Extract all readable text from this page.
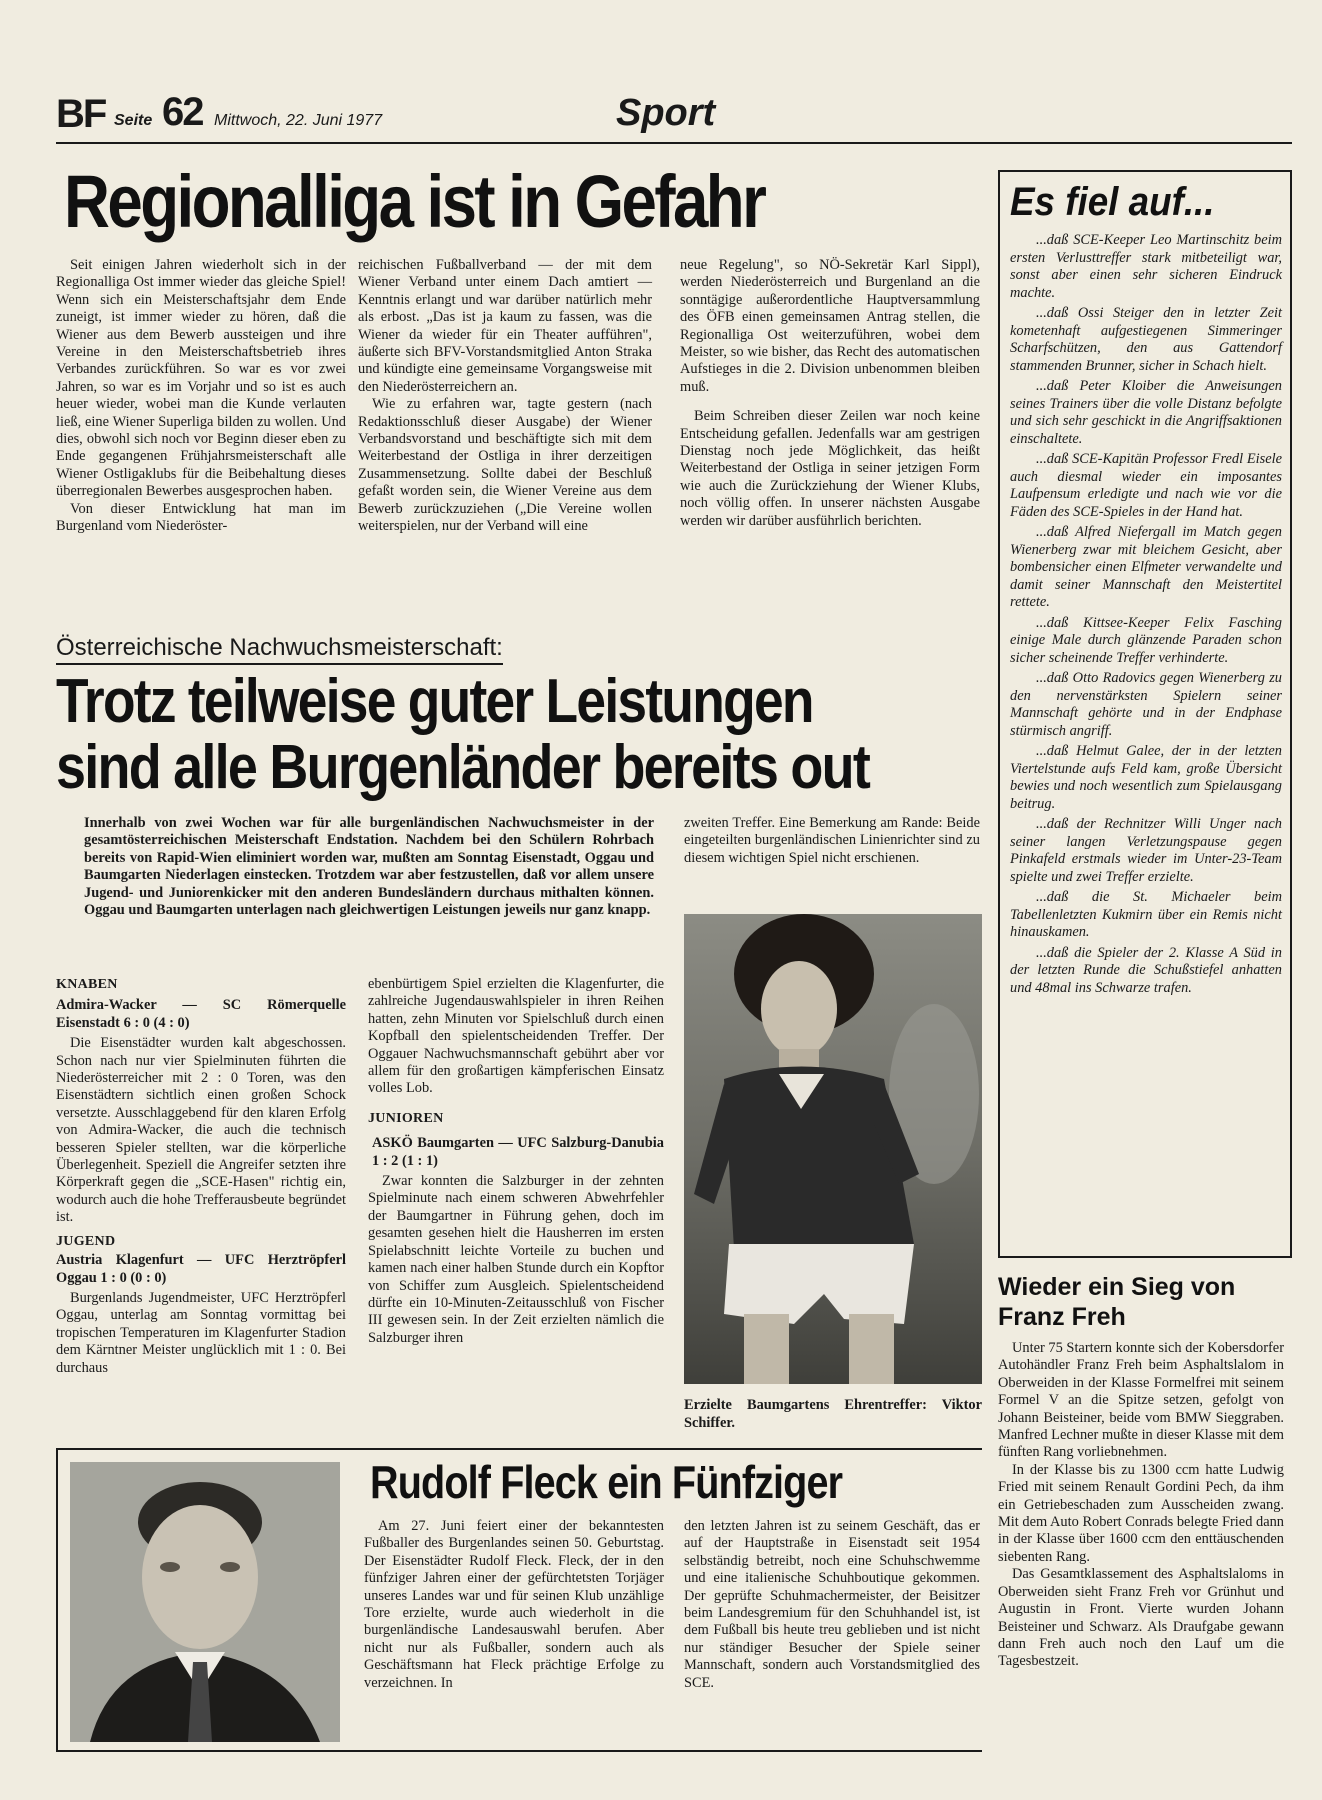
BF Seite 62 Mittwoch, 22. Juni 1977	Sport
Regionalliga ist in Gefahr

Seit einigen Jahren wiederholt sich in der Regionalliga Ost immer wieder das gleiche Spiel! Wenn sich ein Meisterschaftsjahr dem Ende zuneigt, ist immer wieder zu hören, daß die Wiener aus dem Bewerb aussteigen und ihre Vereine in den Meisterschaftsbetrieb ihres Verbandes zurückführen. So war es vor zwei Jahren, so war es im Vorjahr und so ist es auch heuer wieder, wobei man die Kunde verlauten ließ, eine Wiener Superliga bilden zu wollen. Und dies, obwohl sich noch vor Beginn dieser eben zu Ende gegangenen Frühjahrsmeisterschaft alle Wiener Ostligaklubs für die Beibehaltung dieses überregionalen Bewerbes ausgesprochen haben.

Von dieser Entwicklung hat man im Burgenland vom Niederöster-

reichischen Fußballverband — der mit dem Wiener Verband unter einem Dach amtiert — Kenntnis erlangt und war darüber natürlich mehr als erbost. „Das ist ja kaum zu fassen, was die Wiener da wieder für ein Theater aufführen", äußerte sich BFV-Vorstandsmitglied Anton Straka und kündigte eine gemeinsame Vorgangsweise mit den Niederösterreichern an.

Wie zu erfahren war, tagte gestern (nach Redaktionsschluß dieser Ausgabe) der Wiener Verbandsvorstand und beschäftigte sich mit dem Weiterbestand der Ostliga in ihrer derzeitigen Zusammensetzung. Sollte dabei der Beschluß gefaßt worden sein, die Wiener Vereine aus dem Bewerb zurückzuziehen („Die Vereine wollen weiterspielen, nur der Verband will eine

neue Regelung", so NÖ-Sekretär Karl Sippl), werden Niederösterreich und Burgenland an die sonntägige außerordentliche Hauptversammlung des ÖFB einen gemeinsamen Antrag stellen, die Regionalliga Ost weiterzuführen, wobei dem Meister, so wie bisher, das Recht des automatischen Aufstieges in die 2. Division unbenommen bleiben muß.

Beim Schreiben dieser Zeilen war noch keine Entscheidung gefallen. Jedenfalls war am gestrigen Dienstag noch jede Möglichkeit, das heißt Weiterbestand der Ostliga in seiner jetzigen Form wie auch die Zurückziehung der Wiener Klubs, noch völlig offen. In unserer nächsten Ausgabe werden wir darüber ausführlich berichten.

Es fiel auf...

...daß SCE-Keeper Leo Martinschitz beim ersten Verlusttreffer stark mitbeteiligt war, sonst aber einen sehr sicheren Eindruck machte.

...daß Ossi Steiger den in letzter Zeit kometenhaft aufgestiegenen Simmeringer Scharfschützen, den aus Gattendorf stammenden Brunner, sicher in Schach hielt.

...daß Peter Kloiber die Anweisungen seines Trainers über die volle Distanz befolgte und sich sehr geschickt in die Angriffsaktionen einschaltete.

...daß SCE-Kapitän Professor Fredl Eisele auch diesmal wieder ein imposantes Laufpensum erledigte und nach wie vor die Fäden des SCE-Spieles in der Hand hat.

...daß Alfred Niefergall im Match gegen Wienerberg zwar mit bleichem Gesicht, aber bombensicher einen Elfmeter verwandelte und damit seiner Mannschaft den Meistertitel rettete.

...daß Kittsee-Keeper Felix Fasching einige Male durch glänzende Paraden schon sicher scheinende Treffer verhinderte.

...daß Otto Radovics gegen Wienerberg zu den nervenstärksten Spielern seiner Mannschaft gehörte und in der Endphase stürmisch angriff.

...daß Helmut Galee, der in der letzten Viertelstunde aufs Feld kam, große Übersicht bewies und noch wesentlich zum Spielausgang beitrug.

...daß der Rechnitzer Willi Unger nach seiner langen Verletzungspause gegen Pinkafeld erstmals wieder im Unter-23-Team spielte und zwei Treffer erzielte.

...daß die St. Michaeler beim Tabellenletzten Kukmirn über ein Remis nicht hinauskamen.

...daß die Spieler der 2. Klasse A Süd in der letzten Runde die Schußstiefel anhatten und 48mal ins Schwarze trafen.

Österreichische Nachwuchsmeisterschaft:
Trotz teilweise guter Leistungen
sind alle Burgenländer bereits out

Innerhalb von zwei Wochen war für alle burgenländischen Nachwuchsmeister in der gesamtösterreichischen Meisterschaft Endstation. Nachdem bei den Schülern Rohrbach bereits von Rapid-Wien eliminiert worden war, mußten am Sonntag Eisenstadt, Oggau und Baumgarten Niederlagen einstecken. Trotzdem war aber festzustellen, daß vor allem unsere Jugend- und Juniorenkicker mit den anderen Bundesländern durchaus mithalten können. Oggau und Baumgarten unterlagen nach gleichwertigen Leistungen jeweils nur ganz knapp.

zweiten Treffer. Eine Bemerkung am Rande: Beide eingeteilten burgenländischen Linienrichter sind zu diesem wichtigen Spiel nicht erschienen.

KNABEN

Admira-Wacker — SC Römerquelle Eisenstadt 6 : 0 (4 : 0)

Die Eisenstädter wurden kalt abgeschossen. Schon nach nur vier Spielminuten führten die Niederösterreicher mit 2 : 0 Toren, was den Eisenstädtern sichtlich einen großen Schock versetzte. Ausschlaggebend für den klaren Erfolg von Admira-Wacker, die auch die technisch besseren Spieler stellten, war die körperliche Überlegenheit. Speziell die Angreifer setzten ihre Körperkraft gegen die „SCE-Hasen" richtig ein, wodurch auch die hohe Trefferausbeute begründet ist.

JUGEND

Austria Klagenfurt — UFC Herztröpferl Oggau 1 : 0 (0 : 0)

Burgenlands Jugendmeister, UFC Herztröpferl Oggau, unterlag am Sonntag vormittag bei tropischen Temperaturen im Klagenfurter Stadion dem Kärntner Meister unglücklich mit 1 : 0. Bei durchaus

ebenbürtigem Spiel erzielten die Klagenfurter, die zahlreiche Jugendauswahlspieler in ihren Reihen hatten, zehn Minuten vor Spielschluß durch einen Kopfball den spielentscheidenden Treffer. Der Oggauer Nachwuchsmannschaft gebührt aber vor allem für den großartigen kämpferischen Einsatz volles Lob.

JUNIOREN

ASKÖ Baumgarten — UFC Salzburg-Danubia 1 : 2 (1 : 1)

Zwar konnten die Salzburger in der zehnten Spielminute nach einem schweren Abwehrfehler der Baumgartner in Führung gehen, doch im gesamten gesehen hielt die Hausherren im ersten Spielabschnitt leichte Vorteile zu buchen und kamen nach einer halben Stunde durch ein Kopftor von Schiffer zum Ausgleich. Spielentscheidend dürfte ein 10-Minuten-Zeitausschluß von Fischer III gewesen sein. In der Zeit erzielten nämlich die Salzburger ihren

Erzielte Baumgartens Ehrentreffer: Viktor Schiffer.
Wieder ein Sieg von
Franz Freh

Unter 75 Startern konnte sich der Kobersdorfer Autohändler Franz Freh beim Asphaltslalom in Oberweiden in der Klasse Formelfrei mit seinem Formel V an die Spitze setzen, gefolgt von Johann Beisteiner, beide vom BMW Sieggraben. Manfred Lechner mußte in dieser Klasse mit dem fünften Rang vorliebnehmen.

In der Klasse bis zu 1300 ccm hatte Ludwig Fried mit seinem Renault Gordini Pech, da ihm ein Getriebeschaden zum Ausscheiden zwang. Mit dem Auto Robert Conrads belegte Fried dann in der Klasse über 1600 ccm den enttäuschenden siebenten Rang.

Das Gesamtklassement des Asphaltslaloms in Oberweiden sieht Franz Freh vor Grünhut und Augustin in Front. Vierte wurden Johann Beisteiner und Schwarz. Als Draufgabe gewann dann Freh auch noch den Lauf um die Tagesbestzeit.

Rudolf Fleck ein Fünfziger

Am 27. Juni feiert einer der bekanntesten Fußballer des Burgenlandes seinen 50. Geburtstag. Der Eisenstädter Rudolf Fleck. Fleck, der in den fünfziger Jahren einer der gefürchtetsten Torjäger unseres Landes war und für seinen Klub unzählige Tore erzielte, wurde auch wiederholt in die burgenländische Landesauswahl berufen. Aber nicht nur als Fußballer, sondern auch als Geschäftsmann hat Fleck prächtige Erfolge zu verzeichnen. In

den letzten Jahren ist zu seinem Geschäft, das er auf der Hauptstraße in Eisenstadt seit 1954 selbständig betreibt, noch eine Schuhschwemme und eine italienische Schuhboutique gekommen. Der geprüfte Schuhmachermeister, der Beisitzer beim Landesgremium für den Schuhhandel ist, ist dem Fußball bis heute treu geblieben und ist nicht nur ständiger Besucher der Spiele seiner Mannschaft, sondern auch Vorstandsmitglied des SCE.
